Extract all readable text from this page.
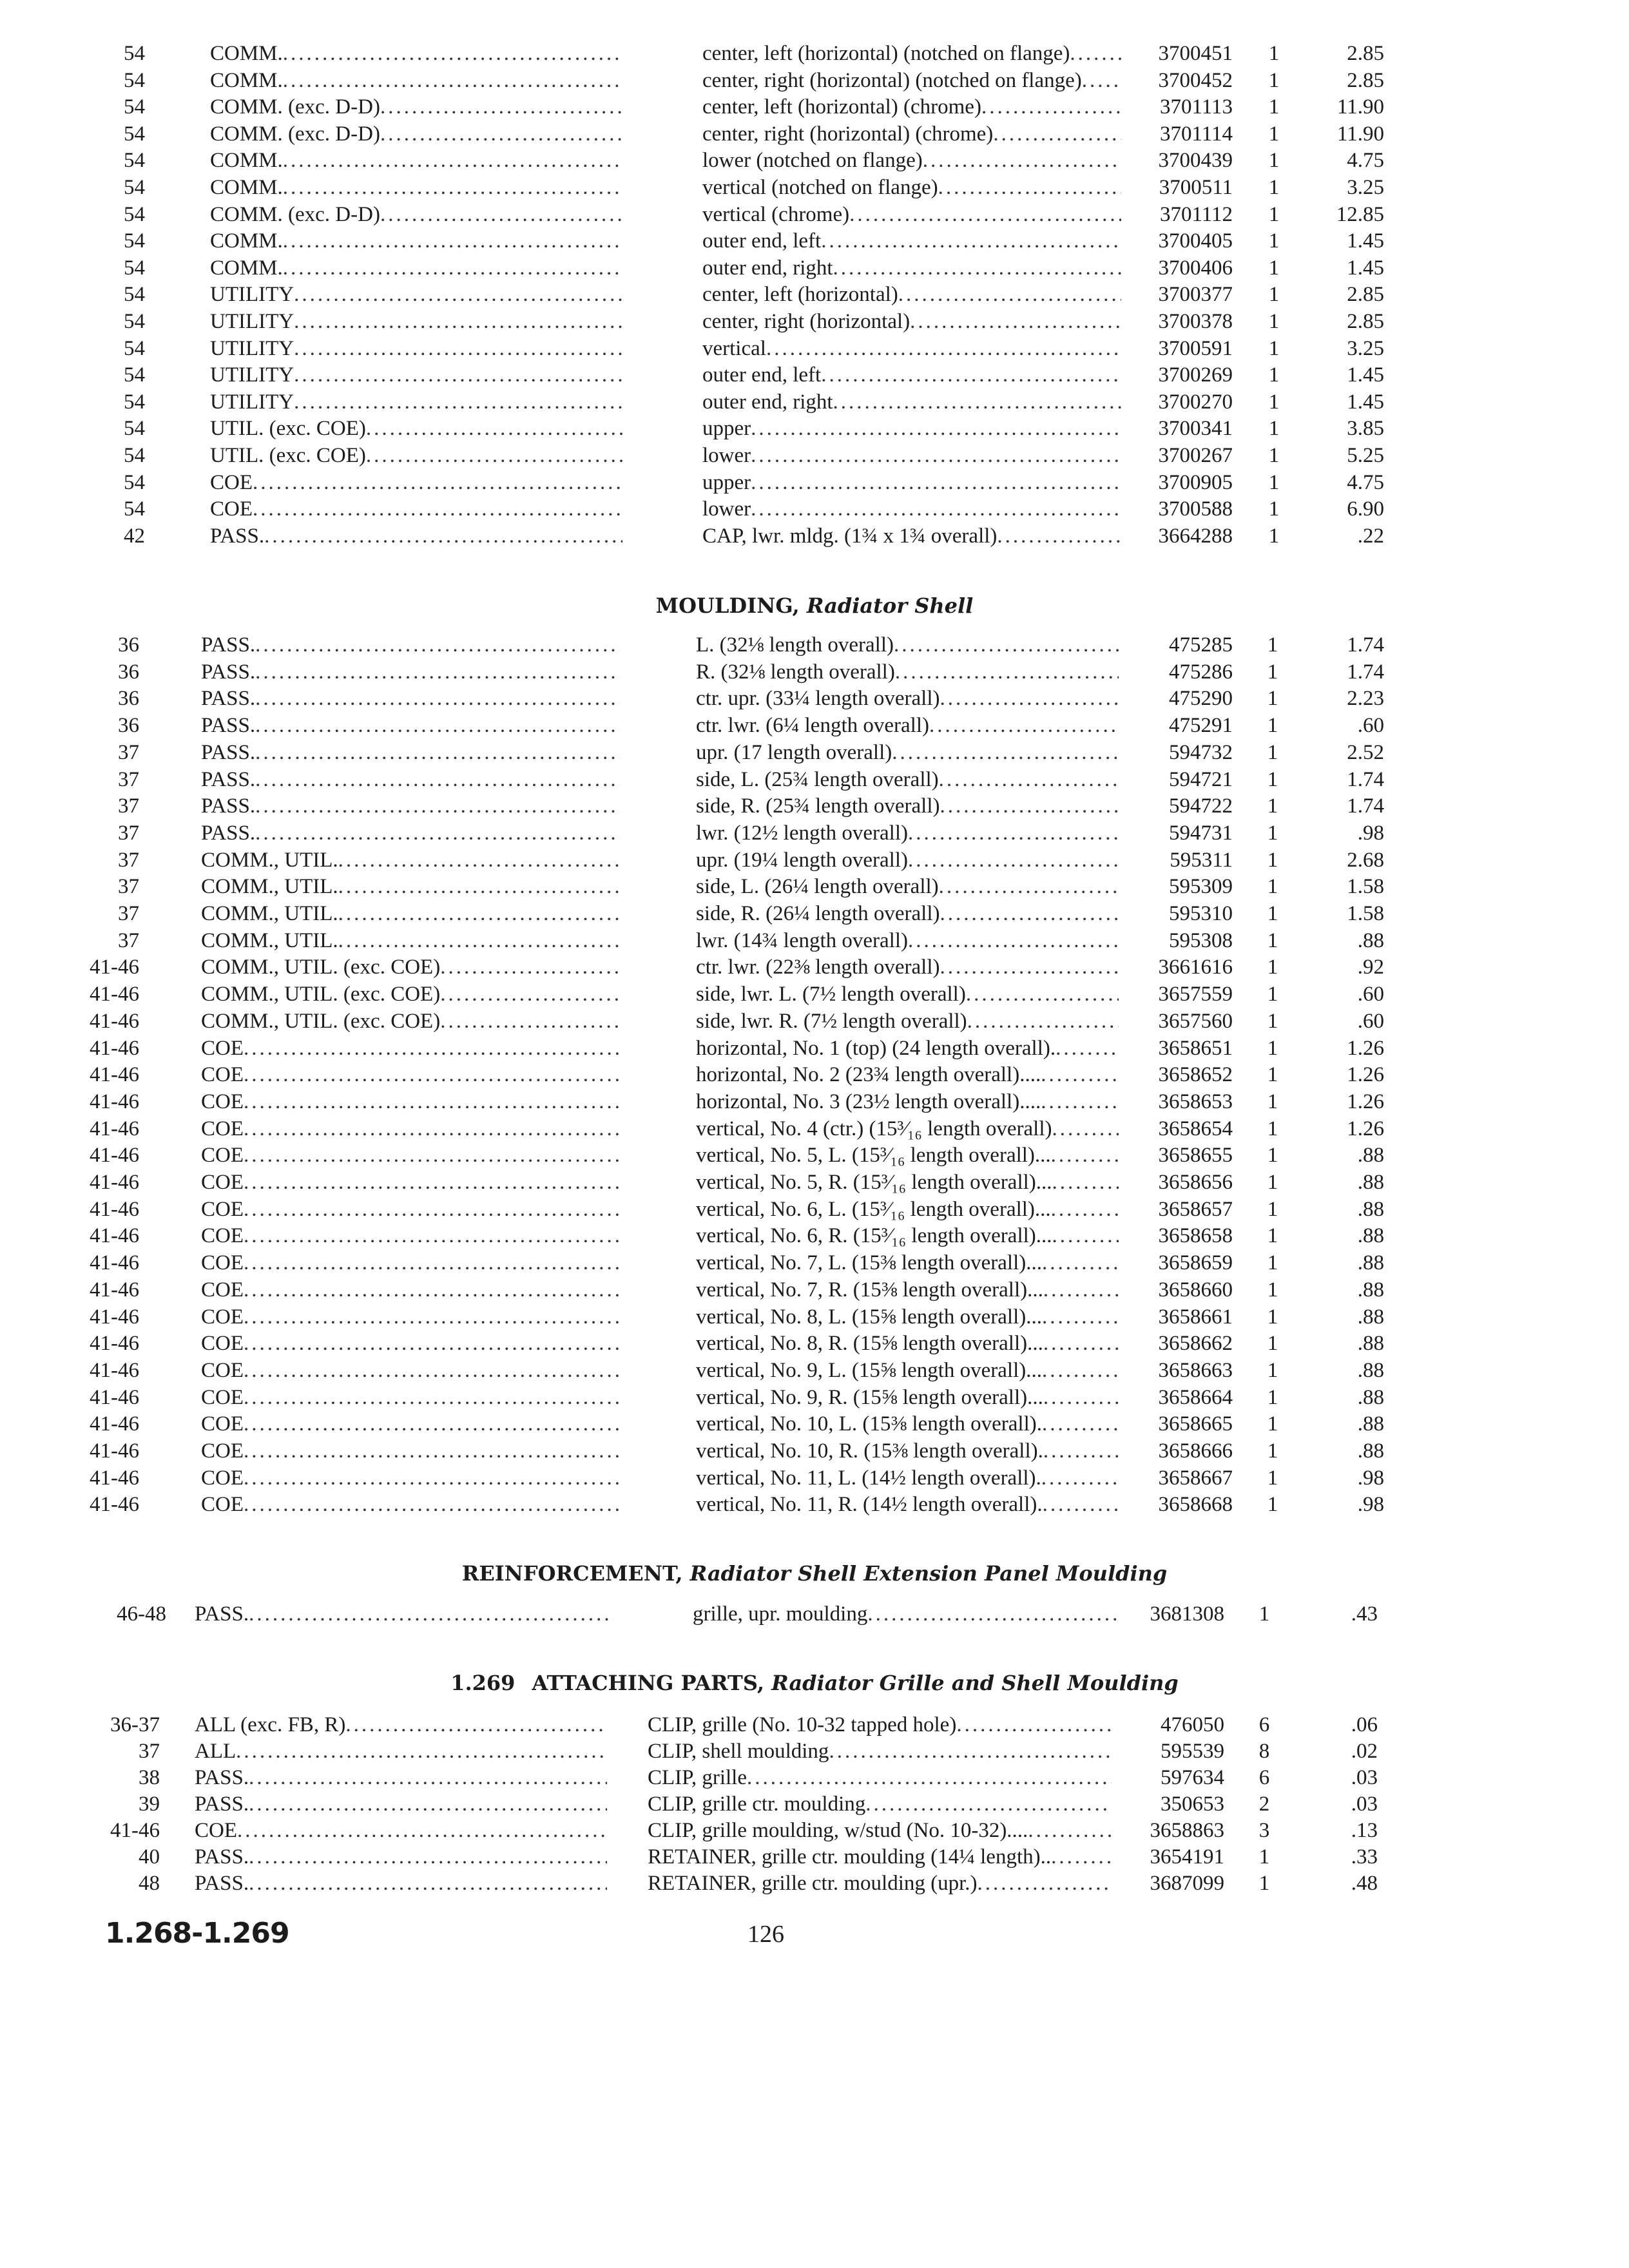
54	COMM. .....	center, left (horizontal) (notched on flange) .....	3700451	1	2.85
54	COMM. .....	center, right (horizontal) (notched on flange) .....	3700452	1	2.85
54	COMM. (exc. D-D) .....	center, left (horizontal) (chrome) .....	3701113	1	11.90
54	COMM. (exc. D-D) .....	center, right (horizontal) (chrome) .....	3701114	1	11.90
54	COMM. .....	lower (notched on flange) .....	3700439	1	4.75
54	COMM. .....	vertical (notched on flange) .....	3700511	1	3.25
54	COMM. (exc. D-D) .....	vertical (chrome) .....	3701112	1	12.85
54	COMM. .....	outer end, left .....	3700405	1	1.45
54	COMM. .....	outer end, right .....	3700406	1	1.45
54	UTILITY .....	center, left (horizontal) .....	3700377	1	2.85
54	UTILITY .....	center, right (horizontal) .....	3700378	1	2.85
54	UTILITY .....	vertical .....	3700591	1	3.25
54	UTILITY .....	outer end, left .....	3700269	1	1.45
54	UTILITY .....	outer end, right .....	3700270	1	1.45
54	UTIL. (exc. COE) .....	upper .....	3700341	1	3.85
54	UTIL. (exc. COE) .....	lower .....	3700267	1	5.25
54	COE .....	upper .....	3700905	1	4.75
54	COE .....	lower .....	3700588	1	6.90
42	PASS. .....	CAP, lwr. mldg. (1¾ x 1¾ overall) .....	3664288	1	.22
MOULDING, Radiator Shell
36	PASS. .....	L. (32⅛ length overall) .....	475285	1	1.74
36	PASS. .....	R. (32⅛ length overall) .....	475286	1	1.74
36	PASS. .....	ctr. upr. (33¼ length overall) .....	475290	1	2.23
36	PASS. .....	ctr. lwr. (6¼ length overall) .....	475291	1	.60
37	PASS. .....	upr. (17 length overall) .....	594732	1	2.52
37	PASS. .....	side, L. (25¾ length overall) .....	594721	1	1.74
37	PASS. .....	side, R. (25¾ length overall) .....	594722	1	1.74
37	PASS. .....	lwr. (12½ length overall) .....	594731	1	.98
37	COMM., UTIL. .....	upr. (19¼ length overall) .....	595311	1	2.68
37	COMM., UTIL. .....	side, L. (26¼ length overall) .....	595309	1	1.58
37	COMM., UTIL. .....	side, R. (26¼ length overall) .....	595310	1	1.58
37	COMM., UTIL. .....	lwr. (14¾ length overall) .....	595308	1	.88
41-46	COMM., UTIL. (exc. COE) .....	ctr. lwr. (22⅜ length overall) .....	3661616	1	.92
41-46	COMM., UTIL. (exc. COE) .....	side, lwr. L. (7½ length overall) .....	3657559	1	.60
41-46	COMM., UTIL. (exc. COE) .....	side, lwr. R. (7½ length overall) .....	3657560	1	.60
41-46	COE .....	horizontal, No. 1 (top) (24 length overall). .....	3658651	1	1.26
41-46	COE .....	horizontal, No. 2 (23¾ length overall).... .....	3658652	1	1.26
41-46	COE .....	horizontal, No. 3 (23½ length overall).... .....	3658653	1	1.26
41-46	COE .....	vertical, No. 4 (ctr.) (15³⁄₁₆ length overall) .....	3658654	1	1.26
41-46	COE .....	vertical, No. 5, L. (15³⁄₁₆ length overall)... .....	3658655	1	.88
41-46	COE .....	vertical, No. 5, R. (15³⁄₁₆ length overall)... .....	3658656	1	.88
41-46	COE .....	vertical, No. 6, L. (15³⁄₁₆ length overall)... .....	3658657	1	.88
41-46	COE .....	vertical, No. 6, R. (15³⁄₁₆ length overall)... .....	3658658	1	.88
41-46	COE .....	vertical, No. 7, L. (15⅜ length overall)... .....	3658659	1	.88
41-46	COE .....	vertical, No. 7, R. (15⅜ length overall)... .....	3658660	1	.88
41-46	COE .....	vertical, No. 8, L. (15⅝ length overall)... .....	3658661	1	.88
41-46	COE .....	vertical, No. 8, R. (15⅝ length overall)... .....	3658662	1	.88
41-46	COE .....	vertical, No. 9, L. (15⅝ length overall)... .....	3658663	1	.88
41-46	COE .....	vertical, No. 9, R. (15⅝ length overall)... .....	3658664	1	.88
41-46	COE .....	vertical, No. 10, L. (15⅜ length overall). .....	3658665	1	.88
41-46	COE .....	vertical, No. 10, R. (15⅜ length overall). .....	3658666	1	.88
41-46	COE .....	vertical, No. 11, L. (14½ length overall). .....	3658667	1	.98
41-46	COE .....	vertical, No. 11, R. (14½ length overall). .....	3658668	1	.98
REINFORCEMENT, Radiator Shell Extension Panel Moulding
46-48 PASS. .....	grille, upr. moulding .....	3681308	1	.43
1.269 ATTACHING PARTS, Radiator Grille and Shell Moulding
36-37 ALL (exc. FB, R) .....	CLIP, grille (No. 10-32 tapped hole) .....	476050	6	.06
37 ALL .....	CLIP, shell moulding .....	595539	8	.02
38 PASS. .....	CLIP, grille .....	597634	6	.03
39 PASS. .....	CLIP, grille ctr. moulding .....	350653	2	.03
41-46 COE .....	CLIP, grille moulding, w/stud (No. 10-32).... .....	3658863	3	.13
40 PASS. .....	RETAINER, grille ctr. moulding (14¼ length).. .....	3654191	1	.33
48 PASS. .....	RETAINER, grille ctr. moulding (upr.) .....	3687099	1	.48
1.268-1.269	126
